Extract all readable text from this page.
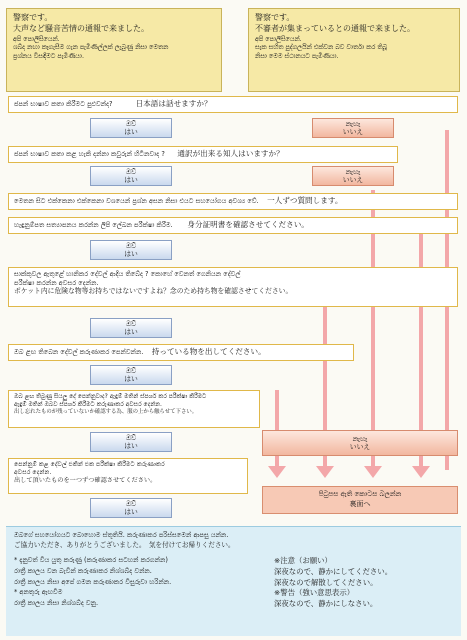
警察です。
大声など騒音苦情の通報で来ました。
අපි පොලිසියෙන්.
ශබ්ද නඟා කෑගැසීම ගැන පැමිණිල්ලක් ලැබුණු නිසා මෙතන
ප්‍රශ්නය විසඳීමට පැමිණියා.
警察です。
不審者が集まっているとの通報で来ました。
අපි පොලිසියෙන්.
සැක සහිත පුද්ගලයින් එක්වන බව වාර්තා කර තිබූ
නිසා මෙම ස්ථානයට පැමිණියා.
ජපන් භාෂාව කතා කිරීමට පුළුවන්ද?	日本語は話せますか？
ඔව්
はい
නැහැ
いいえ
ජපන් භාෂාව කතා කළ හැකි දන්නා කවුරුන් හිටිනවාද ? 通訳が出来る知人はいますか？
ඔව්
はい
නැහැ
いいえ
මෙතන සිට එක්කෙනා එක්කෙනා වශයෙන් ප්‍රශ්න අසන නිසා එයට සහයෝගය අවශ්‍ය වේ. 一人ずつ質問します。
හැඳුනුම්පත සත්‍යාපනය කරන්න ලිපි ලේඛන පරීක්ෂා කිරීම. 身分証明書を確認させてください。
ඔව්
はい
සාක්කුවල ඇතුළේ හානිකර දේවල් ආදිය තිබේද ? කොහේ වෙනත් ගෙනියන දේවල්
පරීක්ෂා කරන්න අවසර දෙන්න.
ポケット内に危険な物等お持ちではないですよね？念のため持ち物を確認させてください。
ඔව්
はい
ඔබ ළඟ තිබෙන දේවල් කරුණාකර පෙන්වන්න. 持っている物を出してください。
ඔව්
はい
ඔබ ළඟ තිබුණු සියලු දේ පෙන්නුවාද? ඇඳුම් මතින් ස්පර්ශ කර පරීක්ෂා කිරීමට
ඇඳුම් මතින් ඔබව ස්පර්ශ කිරීමට කරුණාකර අවසර දෙන්න.
出し忘れたものが残っていないか確認する為、服の上から触らせて下さい。
ඔව්
はい
නැහැ
いいえ
පෙන්නුම් කළ දේවල් එකින් එක පරීක්ෂා කිරීමට කරුණාකර
අවසර දෙන්න.
出して頂いたものを一つずつ確認させてください。
පිටුපස ඇති කොටස බලන්න
裏面へ
ඔව්
はい
ඔබගේ සහයෝගයට බොහොම ස්තූතියි. කරුණාකර පරිස්සමෙන් ආපසු යන්න.
ご協力いただき、ありがとうございました。　気を付けてお帰りください。
* දැනුවත් විය යුතු කරුණු (කරුණාකර සටහන් කරගන්න)	※注意（お願い）
රාත්‍රී කාලය වන බැවින් කරුණාකර නිශ්ශබ්ද වන්න.	深夜なので、静かにしてください。
රාත්‍රී කාලය නිසා අපේ ගමන කරුණාකර විසුරුවා හරින්න.	深夜なので解散してください。
* අනතුරු ඇඟවීම	※警告（強い意思表示）
රාත්‍රී කාලය නිසා නිශ්ශබ්ද වනු.	深夜なので、静かにしなさい。
